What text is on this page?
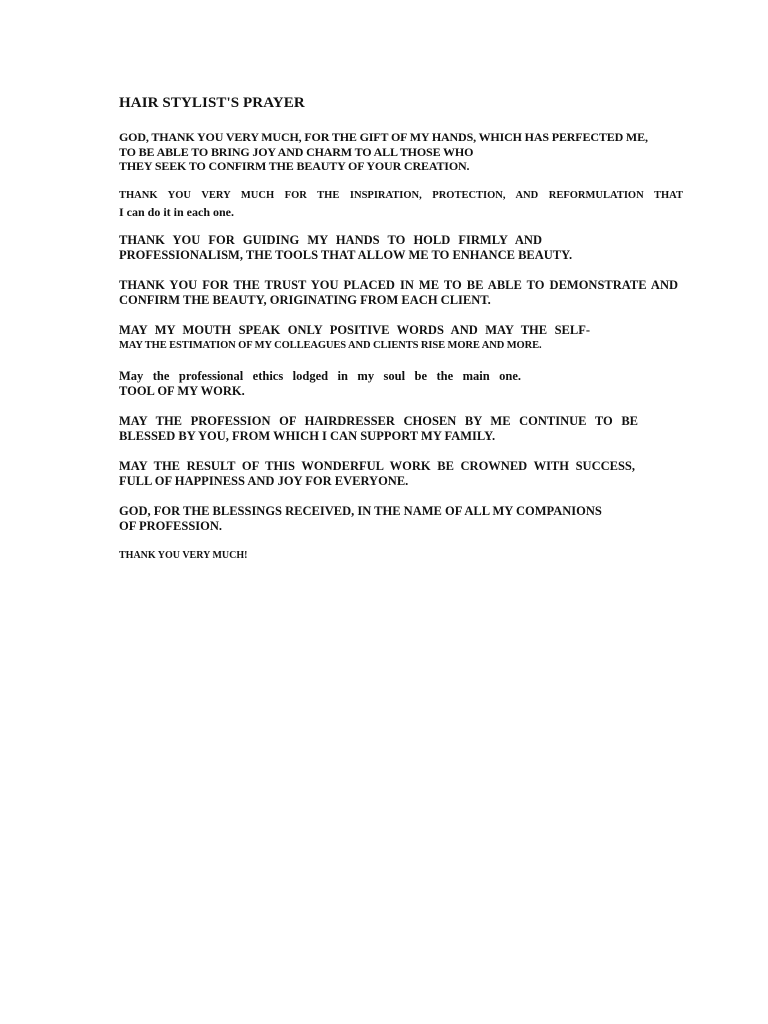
HAIR STYLIST'S PRAYER
GOD, THANK YOU VERY MUCH, FOR THE GIFT OF MY HANDS, WHICH HAS PERFECTED ME,
TO BE ABLE TO BRING JOY AND CHARM TO ALL THOSE WHO
THEY SEEK TO CONFIRM THE BEAUTY OF YOUR CREATION.
THANK YOU VERY MUCH FOR THE INSPIRATION, PROTECTION, AND REFORMULATION THAT
I can do it in each one.
THANK YOU FOR GUIDING MY HANDS TO HOLD FIRMLY AND
PROFESSIONALISM, THE TOOLS THAT ALLOW ME TO ENHANCE BEAUTY.
THANK YOU FOR THE TRUST YOU PLACED IN ME TO BE ABLE TO DEMONSTRATE AND
CONFIRM THE BEAUTY, ORIGINATING FROM EACH CLIENT.
MAY MY MOUTH SPEAK ONLY POSITIVE WORDS AND MAY THE SELF-
MAY THE ESTIMATION OF MY COLLEAGUES AND CLIENTS RISE MORE AND MORE.
May the professional ethics lodged in my soul be the main one.
TOOL OF MY WORK.
MAY THE PROFESSION OF HAIRDRESSER CHOSEN BY ME CONTINUE TO BE
BLESSED BY YOU, FROM WHICH I CAN SUPPORT MY FAMILY.
MAY THE RESULT OF THIS WONDERFUL WORK BE CROWNED WITH SUCCESS,
FULL OF HAPPINESS AND JOY FOR EVERYONE.
GOD, FOR THE BLESSINGS RECEIVED, IN THE NAME OF ALL MY COMPANIONS
OF PROFESSION.
THANK YOU VERY MUCH!
